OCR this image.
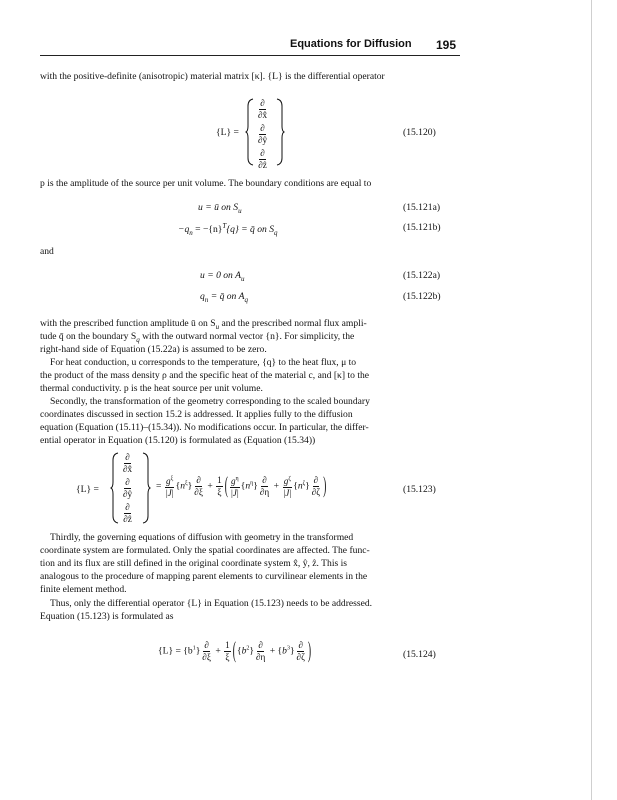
Equations for Diffusion 195
with the positive-definite (anisotropic) material matrix [κ]. {L} is the differential operator
{L} =
$\frac{\partial}{\partial x̂}$
$\frac{\partial}{\partial ŷ}$
$\frac{\partial}{\text{∂ẑ}}$
(15.120)
p is the amplitude of the source per unit volume. The boundary conditions are equal to
u = ū on $S_u$	(15.121a)
$-q_n = -\{n\}^T\{q\}$ = q̄ on $S_q$
(15.121b)
and
u = 0 on $A_u$	(15.122a)
$q_n$ = q̄ on $A_q$	(15.122b)
with the prescribed function amplitude ū on $S_u$ and the prescribed normal flux ampli-
tude q̄ on the boundary $S_q$ with the outward normal vector {n}. For simplicity, the
right-hand side of Equation (15.22a) is assumed to be zero.
For heat conduction, u corresponds to the temperature, {q} to the heat flux, μ to
the product of the mass density ρ and the specific heat of the material c, and [κ] to the
thermal conductivity. p is the heat source per unit volume.
Secondly, the transformation of the geometry corresponding to the scaled boundary
coordinates discussed in section 15.2 is addressed. It applies fully to the diffusion
equation (Equation (15.11)–(15.34)). No modifications occur. In particular, the differ-
ential operator in Equation (15.120) is formulated as (Equation (15.34))
{L} =
$\frac{\partial}{\partial x̂}$
$\frac{\partial}{\partial ŷ}$
$\frac{\partial}{\text{∂ẑ}}$
= $\frac{g^\xi}{|J|} \{n^\xi\} \frac{\partial}{\partial\xi} + \frac{1}{\xi}$ ( $\frac{g^\eta}{|J|} \{n^\eta\} \frac{\partial}{\partial\eta} + \frac{g^\zeta}{|J|} \{n^\zeta\} \frac{\partial}{\partial\zeta}$ )	(15.123)
Thirdly, the governing equations of diffusion with geometry in the transformed
coordinate system are formulated. Only the spatial coordinates are affected. The func-
tion and its flux are still defined in the original coordinate system x̂, ŷ, ẑ. This is
analogous to the procedure of mapping parent elements to curvilinear elements in the
finite element method.
Thus, only the differential operator {L} in Equation (15.123) needs to be addressed.
Equation (15.123) is formulated as
$\{L\} = \{b^1\} \frac{\partial}{\partial\xi} + \frac{1}{\xi} (\{b^2\} \frac{\partial}{\partial\eta} + \{b^3\} \frac{\partial}{\partial\zeta}$ )	(15.124)
